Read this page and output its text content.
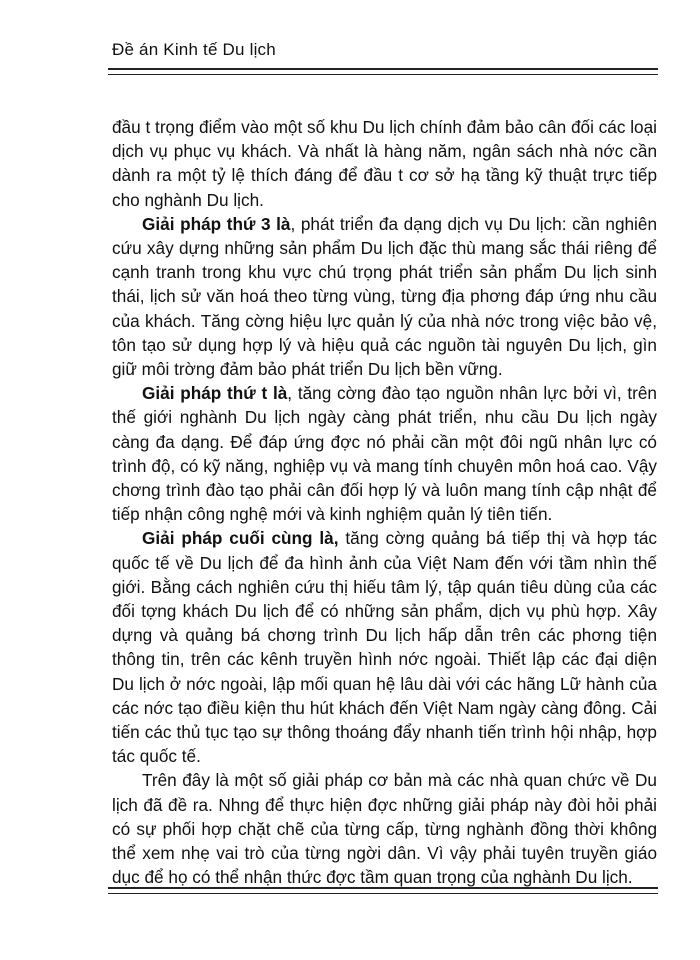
Đề án Kinh tế Du lịch

đầu t trọng điểm vào một số khu Du lịch chính đảm bảo cân đối các loại dịch vụ phục vụ khách. Và nhất là hàng năm, ngân sách nhà nớc cần dành ra một tỷ lệ thích đáng để đầu t cơ sở hạ tầng kỹ thuật trực tiếp cho nghành Du lịch.

Giải pháp thứ 3 là, phát triển đa dạng dịch vụ Du lịch: cần nghiên cứu xây dựng những sản phẩm Du lịch đặc thù mang sắc thái riêng để cạnh tranh trong khu vực chú trọng phát triển sản phẩm Du lịch sinh thái, lịch sử văn hoá theo từng vùng, từng địa phơng đáp ứng nhu cầu của khách. Tăng cờng hiệu lực quản lý của nhà nớc trong việc bảo vệ, tôn tạo sử dụng hợp lý và hiệu quả các nguồn tài nguyên Du lịch, gìn giữ môi trờng đảm bảo phát triển Du lịch bền vững.

Giải pháp thứ t là, tăng cờng đào tạo nguồn nhân lực bởi vì, trên thế giới nghành Du lịch ngày càng phát triển, nhu cầu Du lịch ngày càng đa dạng. Để đáp ứng đợc nó phải cần một đôi ngũ nhân lực có trình độ, có kỹ năng, nghiệp vụ và mang tính chuyên môn hoá cao. Vậy chơng trình đào tạo phải cân đối hợp lý và luôn mang tính cập nhật để tiếp nhận công nghệ mới và kinh nghiệm quản lý tiên tiến.

Giải pháp cuối cùng là, tăng cờng quảng bá tiếp thị và hợp tác quốc tế về Du lịch để đa hình ảnh của Việt Nam đến với tầm nhìn thế giới. Bằng cách nghiên cứu thị hiếu tâm lý, tập quán tiêu dùng của các đối tợng khách Du lịch để có những sản phẩm, dịch vụ phù hợp. Xây dựng và quảng bá chơng trình Du lịch hấp dẫn trên các phơng tiện thông tin, trên các kênh truyền hình nớc ngoài. Thiết lập các đại diện Du lịch ở nớc ngoài, lập mối quan hệ lâu dài với các hãng Lữ hành của các nớc tạo điều kiện thu hút khách đến Việt Nam ngày càng đông. Cải tiến các thủ tục tạo sự thông thoáng đẩy nhanh tiến trình hội nhập, hợp tác quốc tế.

Trên đây là một số giải pháp cơ bản mà các nhà quan chức về Du lịch đã đề ra. Nhng để thực hiện đợc những giải pháp này đòi hỏi phải có sự phối hợp chặt chẽ của từng cấp, từng nghành đồng thời không thể xem nhẹ vai trò của từng ngời dân. Vì vậy phải tuyên truyền giáo dục để họ có thể nhận thức đợc tầm quan trọng của nghành Du lịch.
